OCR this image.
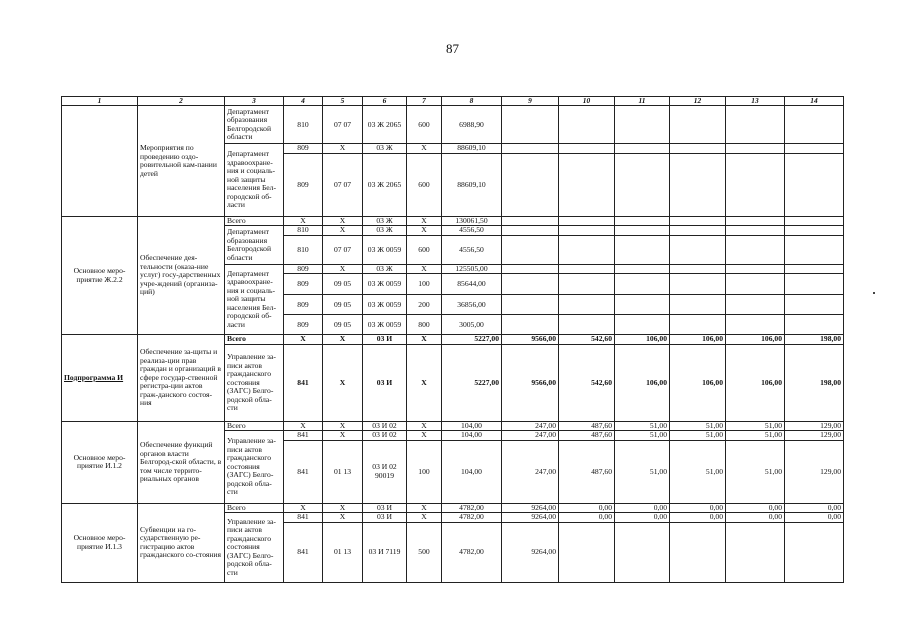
87
1	2	3	4	5	6	7	8	9	10	11	12	13	14
	Мероприятия по проведению оздо-ровительной кам-пании детей	Департамент образования Белгородской области	810	07 07	03 Ж 2065	600	6988,90						
		Департамент здравоохране-ния и социаль-ной защиты населения Бел-городской об-ласти	809	X	03 Ж	X	88609,10						
			809	07 07	03 Ж 2065	600	88609,10						
Основное меро-приятие Ж.2.2	Обеспечение дея-тельности (оказа-ние услуг) госу-дарственных учре-ждений (организа-ций)	Всего	X	X	03 Ж	X	130061,50						
		Департамент образования Белгородской области	810	X	03 Ж	X	4556,50						
			810	07 07	03 Ж 0059	600	4556,50						
		Департамент здравоохране-ния и социаль-ной защиты населения Бел-городской об-ласти	809	X	03 Ж	X	125505,00						
			809	09 05	03 Ж 0059	100	85644,00						
			809	09 05	03 Ж 0059	200	36856,00						
			809	09 05	03 Ж 0059	800	3005,00						
Подпрограмма И	Обеспечение за-щиты и реализа-ции прав граждан и организаций в сфере государ-ственной регистра-ции актов граж-данского состоя-ния	Всего	X	X	03 И	X	5227,00	9566,00	542,60	106,00	106,00	106,00	198,00
		Управление за-писи актов гражданского состояния (ЗАГС) Белго-родской обла-сти	841	X	03 И	X	5227,00	9566,00	542,60	106,00	106,00	106,00	198,00
Основное меро-приятие И.1.2	Обеспечение функций органов власти Белгород-ской области, в том числе террито-риальных органов	Всего	X	X	03 И 02	X	104,00	247,00	487,60	51,00	51,00	51,00	129,00
		Управление за-писи актов гражданского состояния (ЗАГС) Белго-родской обла-сти	841	X	03 И 02	X	104,00	247,00	487,60	51,00	51,00	51,00	129,00
			841	01 13	03 И 02 90019	100	104,00	247,00	487,60	51,00	51,00	51,00	129,00
Основное меро-приятие И.1.3	Субвенции на го-сударственную ре-гистрацию актов гражданского со-стояния	Всего	X	X	03 И	X	4782,00	9264,00	0,00	0,00	0,00	0,00	0,00
		Управление за-писи актов гражданского состояния (ЗАГС) Белго-родской обла-сти	841	X	03 И	X	4782,00	9264,00	0,00	0,00	0,00	0,00	0,00
			841	01 13	03 И 7119	500	4782,00	9264,00					
